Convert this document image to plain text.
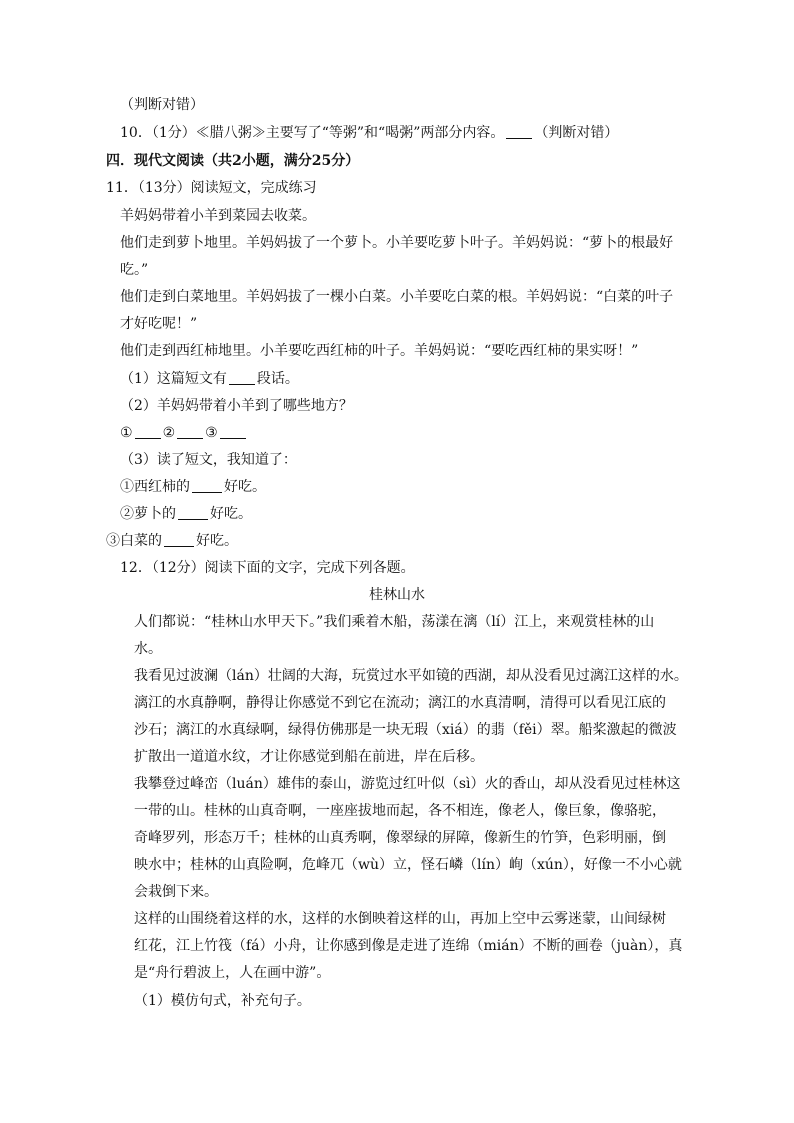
（判断对错）
10．（1分）≪腊八粥≫主要写了“等粥”和“喝粥”两部分内容。 （判断对错）
四．现代文阅读（共2小题，满分25分）
11．（13分）阅读短文，完成练习
羊妈妈带着小羊到菜园去收菜。
他们走到萝卜地里。羊妈妈拔了一个萝卜。小羊要吃萝卜叶子。羊妈妈说：“萝卜的根最好
吃。”
他们走到白菜地里。羊妈妈拔了一棵小白菜。小羊要吃白菜的根。羊妈妈说：“白菜的叶子
才好吃呢！”
他们走到西红柿地里。小羊要吃西红柿的叶子。羊妈妈说：“要吃西红柿的果实呀！”
（1）这篇短文有 段话。
（2）羊妈妈带着小羊到了哪些地方？
① ② ③
（3）读了短文，我知道了：
①西红柿的 好吃。
②萝卜的 好吃。
③白菜的 好吃。
12．（12分）阅读下面的文字，完成下列各题。
桂林山水
人们都说：“桂林山水甲天下。”我们乘着木船，荡漾在漓（lí）江上，来观赏桂林的山
水。
我看见过波澜（lán）壮阔的大海，玩赏过水平如镜的西湖，却从没看见过漓江这样的水。
漓江的水真静啊，静得让你感觉不到它在流动；漓江的水真清啊，清得可以看见江底的
沙石；漓江的水真绿啊，绿得仿佛那是一块无瑕（xiá）的翡（fěi）翠。船桨激起的微波
扩散出一道道水纹，才让你感觉到船在前进，岸在后移。
我攀登过峰峦（luán）雄伟的泰山，游览过红叶似（sì）火的香山，却从没看见过桂林这
一带的山。桂林的山真奇啊，一座座拔地而起，各不相连，像老人，像巨象，像骆驼，
奇峰罗列，形态万千；桂林的山真秀啊，像翠绿的屏障，像新生的竹笋，色彩明丽，倒
映水中；桂林的山真险啊，危峰兀（wù）立，怪石嶙（lín）峋（xún），好像一不小心就
会栽倒下来。
这样的山围绕着这样的水，这样的水倒映着这样的山，再加上空中云雾迷蒙，山间绿树
红花，江上竹筏（fá）小舟，让你感到像是走进了连绵（mián）不断的画卷（juàn），真
是“舟行碧波上，人在画中游”。
（1）模仿句式，补充句子。
